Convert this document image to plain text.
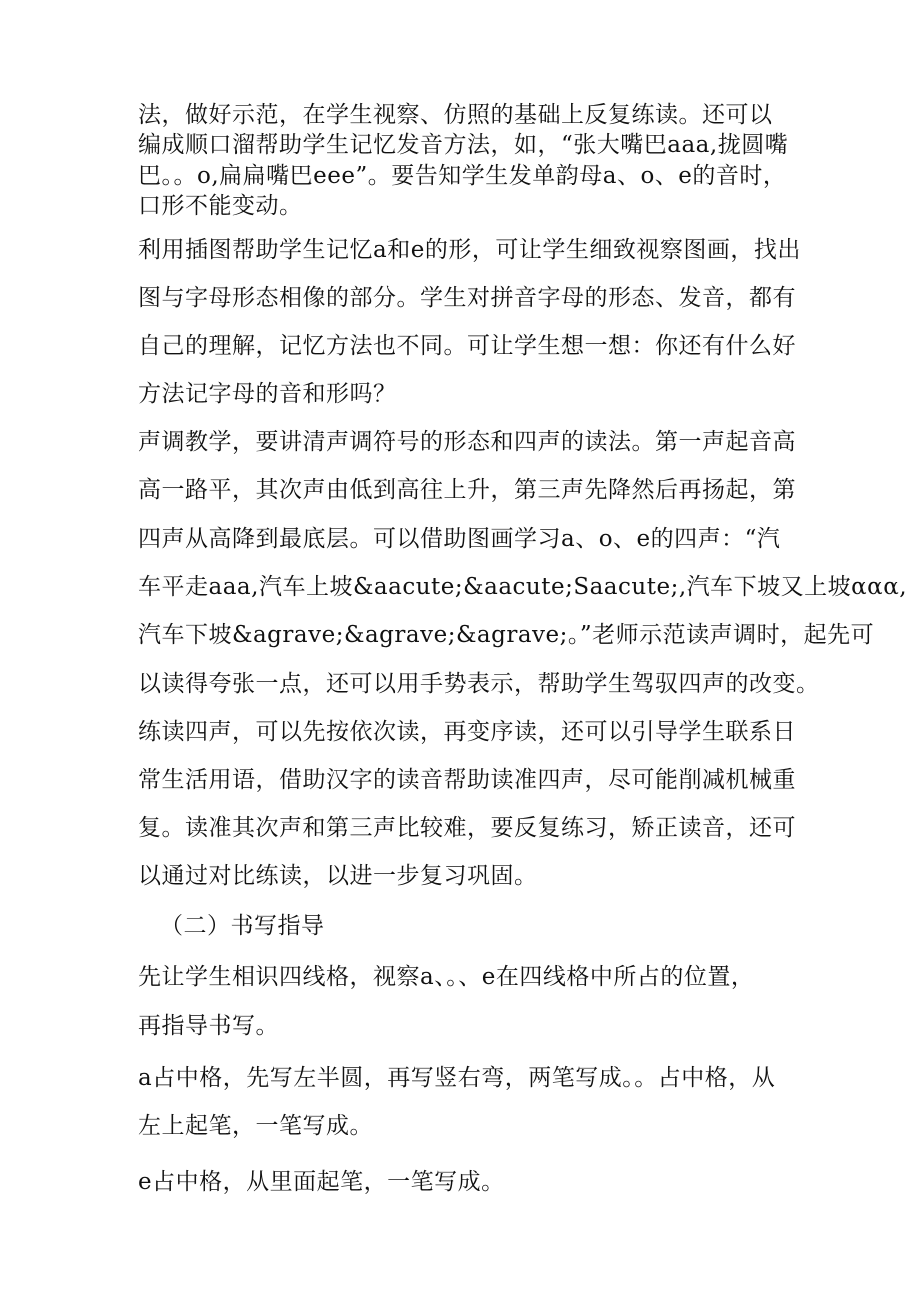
法，做好示范，在学生视察、仿照的基础上反复练读。还可以
编成顺口溜帮助学生记忆发音方法，如，“张大嘴巴aaa,拢圆嘴
巴。。o,扁扁嘴巴eee”。要告知学生发单韵母a、o、e的音时，
口形不能变动。
利用插图帮助学生记忆a和e的形，可让学生细致视察图画，找出
图与字母形态相像的部分。学生对拼音字母的形态、发音，都有
自己的理解，记忆方法也不同。可让学生想一想：你还有什么好
方法记字母的音和形吗？
声调教学，要讲清声调符号的形态和四声的读法。第一声起音高
高一路平，其次声由低到高往上升，第三声先降然后再扬起，第
四声从高降到最底层。可以借助图画学习a、o、e的四声：“汽
车平走aaa,汽车上坡&aacute;&aacute;Saacute;,汽车下坡又上坡ααα,
汽车下坡&agrave;&agrave;&agrave;。”老师示范读声调时，起先可
以读得夸张一点，还可以用手势表示，帮助学生驾驭四声的改变。
练读四声，可以先按依次读，再变序读，还可以引导学生联系日
常生活用语，借助汉字的读音帮助读准四声，尽可能削减机械重
复。读准其次声和第三声比较难，要反复练习，矫正读音，还可
以通过对比练读，以进一步复习巩固。
（二）书写指导
先让学生相识四线格，视察a、。、e在四线格中所占的位置，
再指导书写。
a占中格，先写左半圆，再写竖右弯，两笔写成。。占中格，从
左上起笔，一笔写成。
e占中格，从里面起笔，一笔写成。
